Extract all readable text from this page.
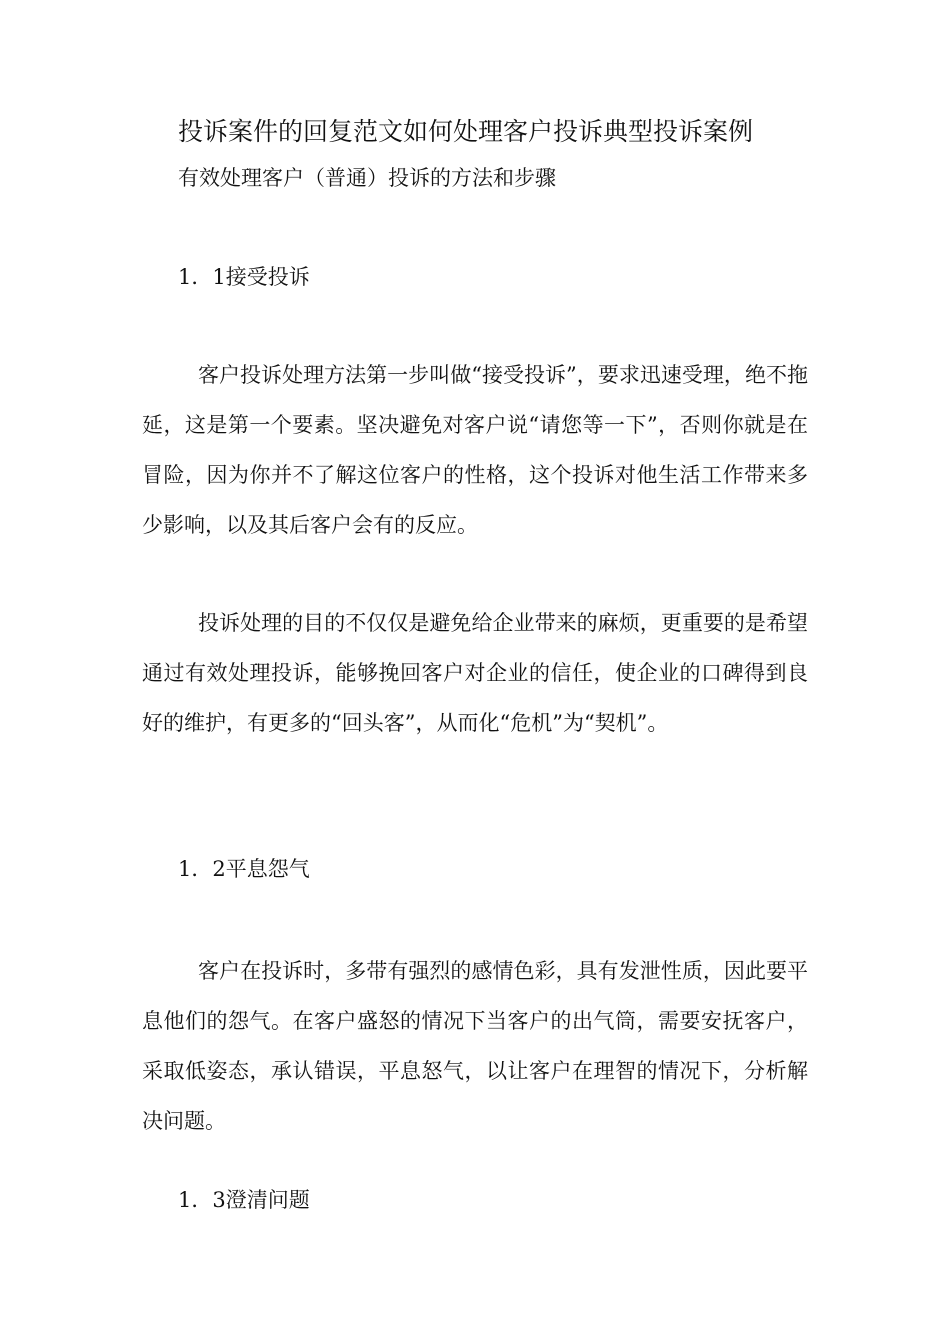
投诉案件的回复范文如何处理客户投诉典型投诉案例
有效处理客户（普通）投诉的方法和步骤
1．1接受投诉
客户投诉处理方法第一步叫做“接受投诉”，要求迅速受理，绝不拖延，这是第一个要素。坚决避免对客户说“请您等一下”，否则你就是在冒险，因为你并不了解这位客户的性格，这个投诉对他生活工作带来多少影响，以及其后客户会有的反应。
投诉处理的目的不仅仅是避免给企业带来的麻烦，更重要的是希望通过有效处理投诉，能够挽回客户对企业的信任，使企业的口碑得到良好的维护，有更多的“回头客”，从而化“危机”为“契机”。
1．2平息怨气
客户在投诉时，多带有强烈的感情色彩，具有发泄性质，因此要平息他们的怨气。在客户盛怒的情况下当客户的出气筒，需要安抚客户，采取低姿态，承认错误，平息怒气，以让客户在理智的情况下，分析解决问题。
1．3澄清问题
